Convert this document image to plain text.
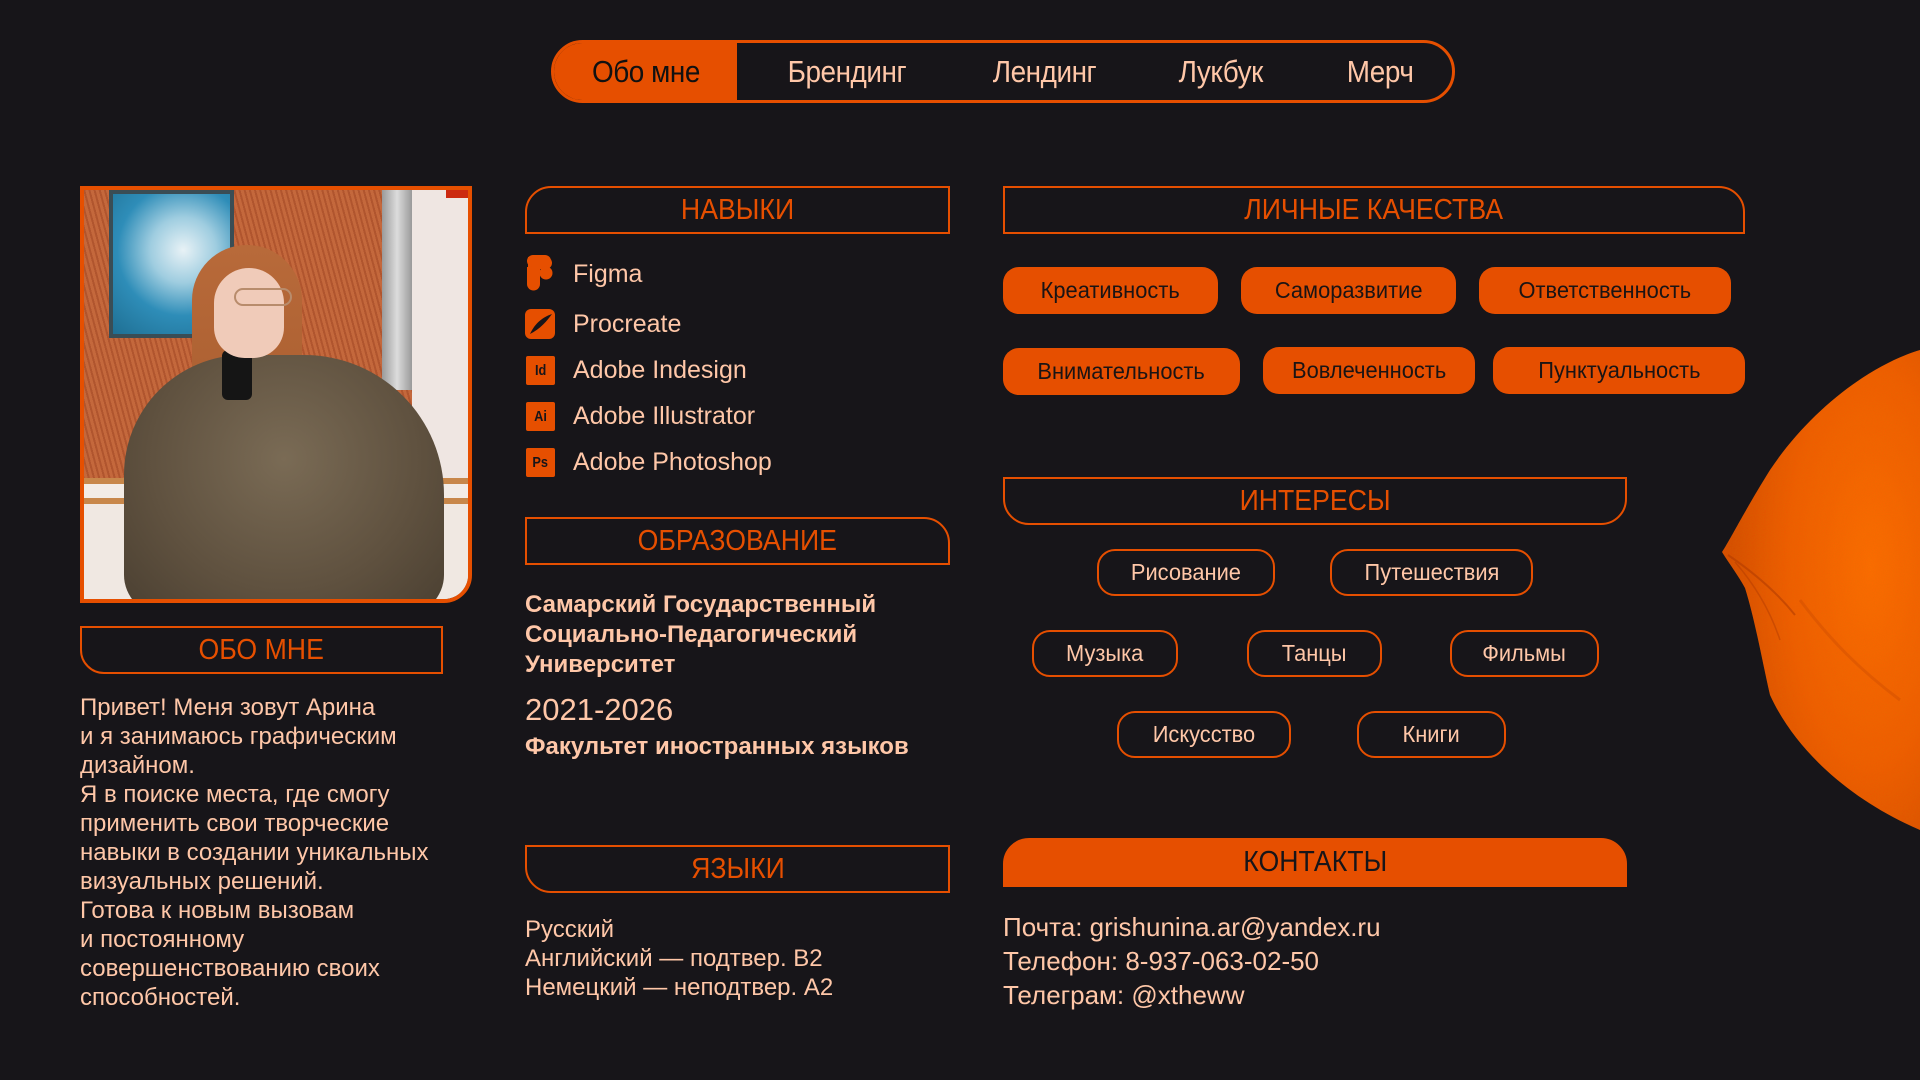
Обо мне	Брендинг	Лендинг	Лукбук	Мерч
ОБО МНЕ
Привет! Меня зовут Арина
и я занимаюсь графическим
дизайном.
Я в поиске места, где смогу
применить свои творческие
навыки в создании уникальных
визуальных решений.
Готова к новым вызовам
и постоянному
совершенствованию своих
способностей.
НАВЫКИ
Figma
Procreate
Id Adobe Indesign
Ai Adobe Illustrator
Ps Adobe Photoshop
ОБРАЗОВАНИЕ
Самарский Государственный
Социально-Педагогический
Университет
2021-2026
Факультет иностранных языков
ЯЗЫКИ
Русский
Английский — подтвер. B2
Немецкий — неподтвер. A2
ЛИЧНЫЕ КАЧЕСТВА
Креативность	Саморазвитие	Ответственность
Внимательность	Вовлеченность	Пунктуальность
ИНТЕРЕСЫ
Рисование	Путешествия
Музыка	Танцы	Фильмы
Искусство	Книги
КОНТАКТЫ
Почта: grishunina.ar@yandex.ru
Телефон: 8-937-063-02-50
Телеграм: @xtheww
